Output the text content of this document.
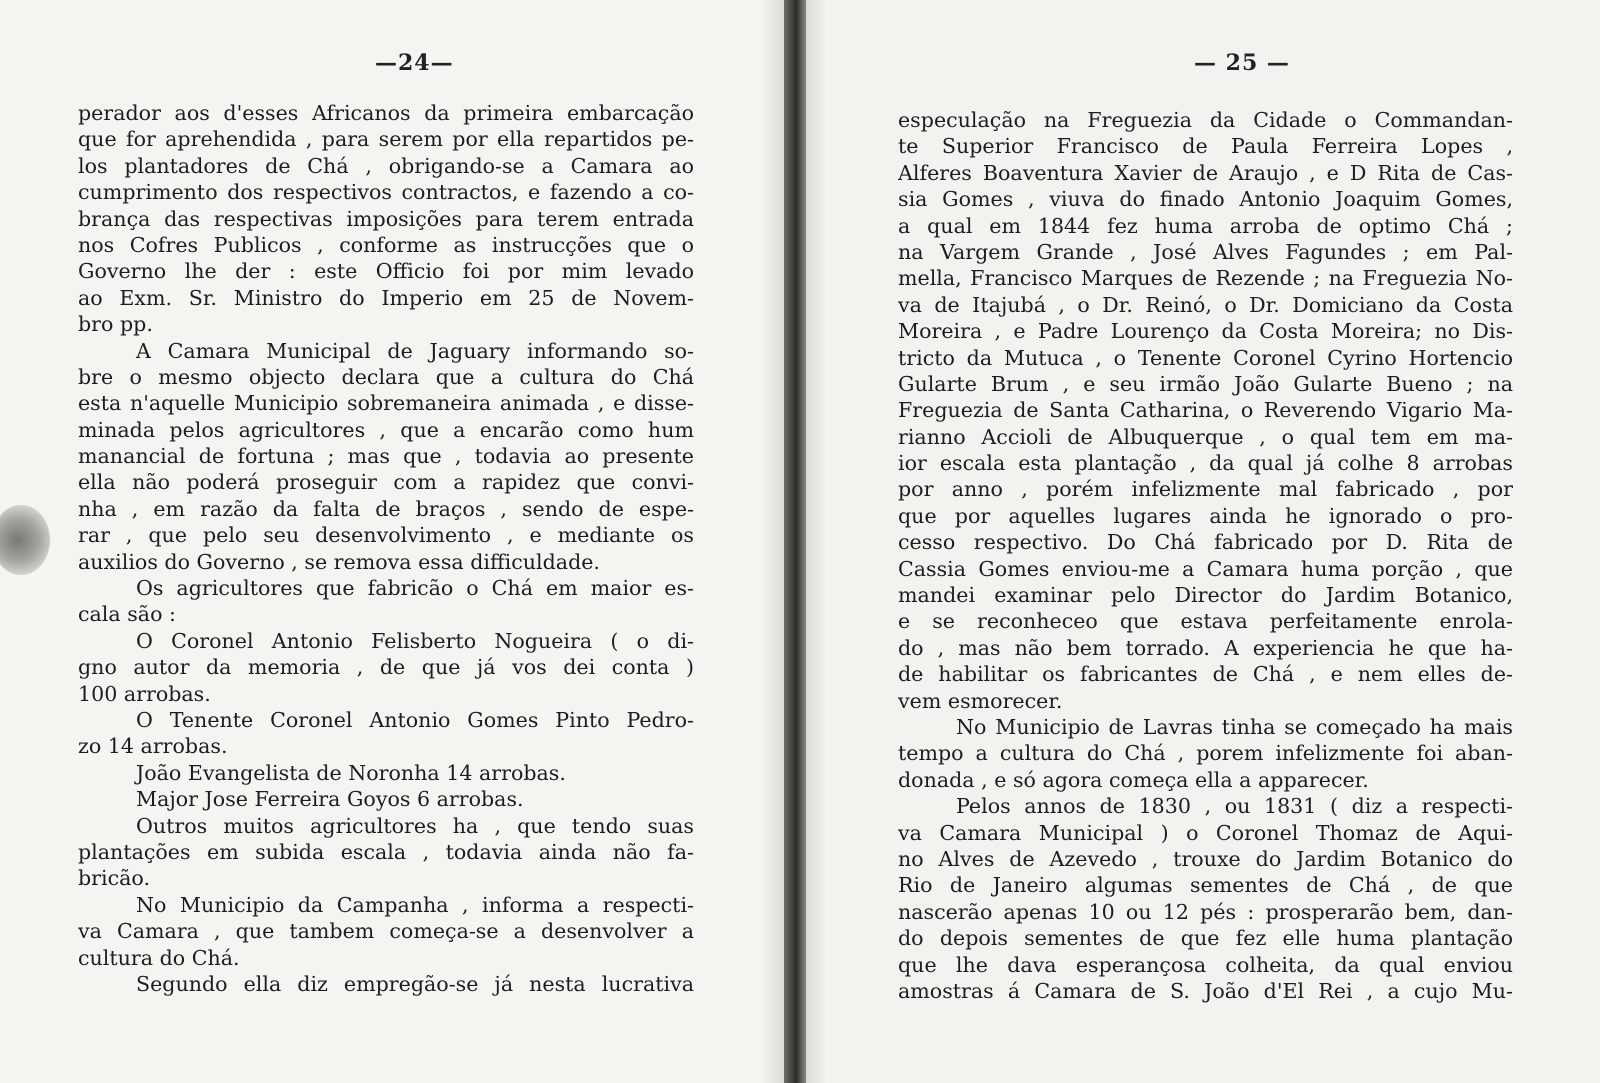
—24—
perador aos d'esses Africanos da primeira embarcação
que for aprehendida , para serem por ella repartidos pe-
los plantadores de Chá , obrigando-se a Camara ao
cumprimento dos respectivos contractos, e fazendo a co-
brança das respectivas imposições para terem entrada
nos Cofres Publicos , conforme as instrucções que o
Governo lhe der : este Officio foi por mim levado
ao Exm. Sr. Ministro do Imperio em 25 de Novem-
bro pp.
A Camara Municipal de Jaguary informando so-
bre o mesmo objecto declara que a cultura do Chá
esta n'aquelle Municipio sobremaneira animada , e disse-
minada pelos agricultores , que a encarão como hum
manancial de fortuna ; mas que , todavia ao presente
ella não poderá proseguir com a rapidez que convi-
nha , em razão da falta de braços , sendo de espe-
rar , que pelo seu desenvolvimento , e mediante os
auxilios do Governo , se remova essa difficuldade.
Os agricultores que fabricão o Chá em maior es-
cala são :
O Coronel Antonio Felisberto Nogueira ( o di-
gno autor da memoria , de que já vos dei conta )
100 arrobas.
O Tenente Coronel Antonio Gomes Pinto Pedro-
zo 14 arrobas.
João Evangelista de Noronha 14 arrobas.
Major Jose Ferreira Goyos 6 arrobas.
Outros muitos agricultores ha , que tendo suas
plantações em subida escala , todavia ainda não fa-
bricão.
No Municipio da Campanha , informa a respecti-
va Camara , que tambem começa-se a desenvolver a
cultura do Chá.
Segundo ella diz empregão-se já nesta lucrativa
— 25 —
especulação na Freguezia da Cidade o Commandan-
te Superior Francisco de Paula Ferreira Lopes ,
Alferes Boaventura Xavier de Araujo , e D Rita de Cas-
sia Gomes , viuva do finado Antonio Joaquim Gomes,
a qual em 1844 fez huma arroba de optimo Chá ;
na Vargem Grande , José Alves Fagundes ; em Pal-
mella, Francisco Marques de Rezende ; na Freguezia No-
va de Itajubá , o Dr. Reinó, o Dr. Domiciano da Costa
Moreira , e Padre Lourenço da Costa Moreira; no Dis-
tricto da Mutuca , o Tenente Coronel Cyrino Hortencio
Gularte Brum , e seu irmão João Gularte Bueno ; na
Freguezia de Santa Catharina, o Reverendo Vigario Ma-
rianno Accioli de Albuquerque , o qual tem em ma-
ior escala esta plantação , da qual já colhe 8 arrobas
por anno , porém infelizmente mal fabricado , por
que por aquelles lugares ainda he ignorado o pro-
cesso respectivo. Do Chá fabricado por D. Rita de
Cassia Gomes enviou-me a Camara huma porção , que
mandei examinar pelo Director do Jardim Botanico,
e se reconheceo que estava perfeitamente enrola-
do , mas não bem torrado. A experiencia he que ha-
de habilitar os fabricantes de Chá , e nem elles de-
vem esmorecer.
No Municipio de Lavras tinha se começado ha mais
tempo a cultura do Chá , porem infelizmente foi aban-
donada , e só agora começa ella a apparecer.
Pelos annos de 1830 , ou 1831 ( diz a respecti-
va Camara Municipal ) o Coronel Thomaz de Aqui-
no Alves de Azevedo , trouxe do Jardim Botanico do
Rio de Janeiro algumas sementes de Chá , de que
nascerão apenas 10 ou 12 pés : prosperarão bem, dan-
do depois sementes de que fez elle huma plantação
que lhe dava esperançosa colheita, da qual enviou
amostras á Camara de S. João d'El Rei , a cujo Mu-
